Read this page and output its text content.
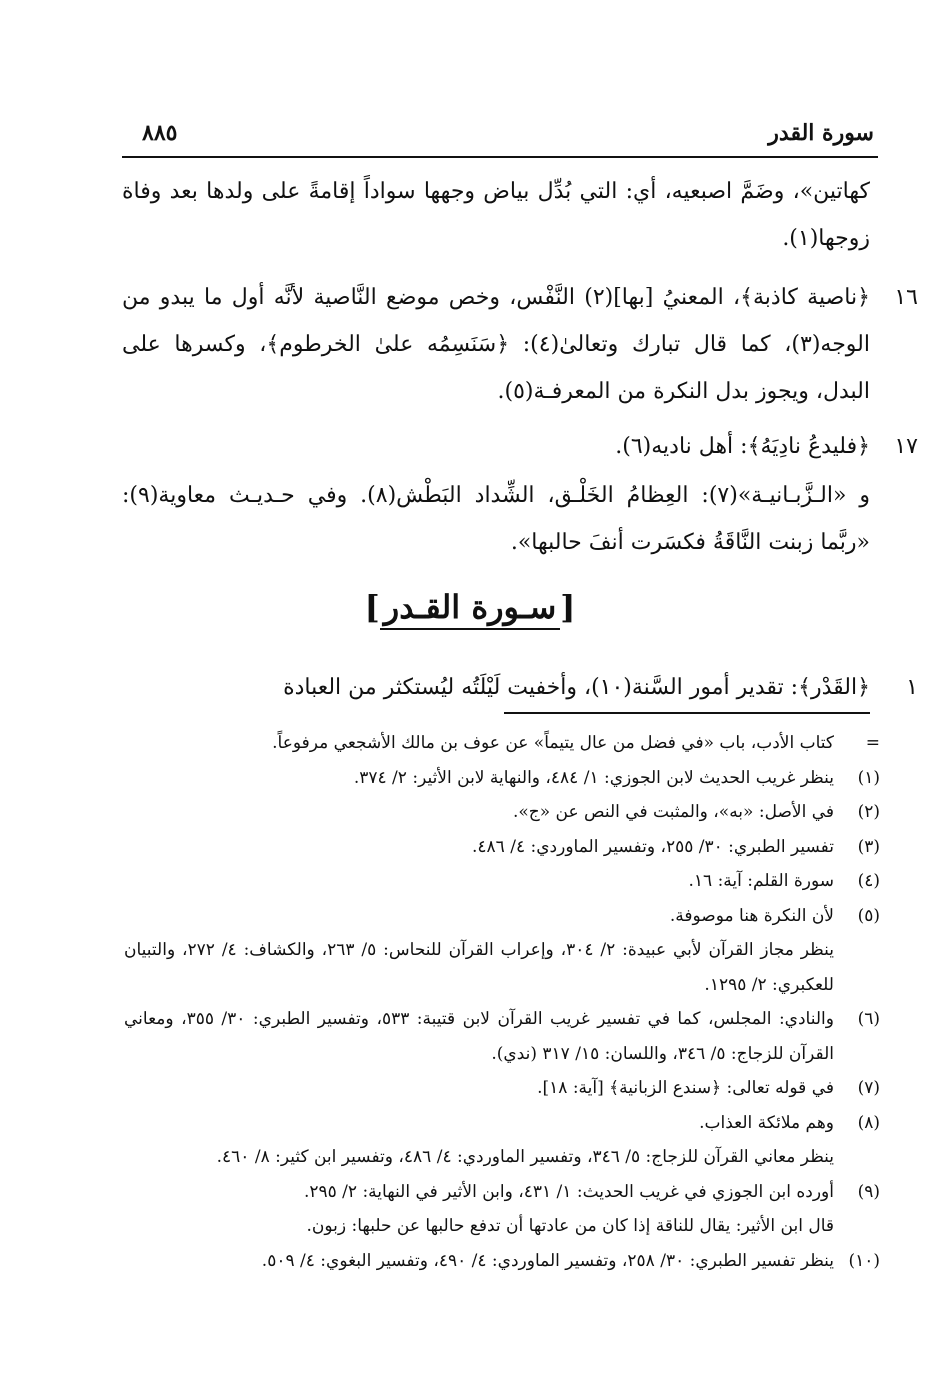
سورة القدر
٨٨٥
كهاتين»، وضَمَّ اصبعيه، أي: التي بُدِّل بياض وجهها سواداً إقامةً على ولدها بعد وفاة زوجها(١).
١٦
﴿ناصية كاذبة﴾، المعنيُ [بها](٢) النَّفْس، وخص موضع النَّاصية لأنَّه أول ما يبدو من الوجه(٣)، كما قال تبارك وتعالىٰ(٤): ﴿سَنَسِمُه علىٰ الخرطوم﴾، وكسرها على البدل، ويجوز بدل النكرة من المعرفـة(٥).
١٧
﴿فليدعُ نادِيَهُ﴾: أهل ناديه(٦).
و «الـزَّبـانيـة»(٧): العِظامُ الخَلْـق، الشِّداد البَطْش(٨). وفي حـديـث معاوية(٩): «ربَّما زبنت النَّاقَةُ فكسَرت أنفَ حالبها».
[سـورة القـدر]
١
﴿القَدْر﴾: تقدير أمور السَّنة(١٠)، وأخفيت لَيْلَتُه ليُستكثر من العبادة
=
كتاب الأدب، باب «في فضل من عال يتيماً» عن عوف بن مالك الأشجعي مرفوعاً.
(١)
ينظر غريب الحديث لابن الجوزي: ١/ ٤٨٤، والنهاية لابن الأثير: ٢/ ٣٧٤.
(٢)
في الأصل: «به»، والمثبت في النص عن «ج».
(٣)
تفسير الطبري: ٣٠/ ٢٥٥، وتفسير الماوردي: ٤/ ٤٨٦.
(٤)
سورة القلم: آية: ١٦.
(٥)
لأن النكرة هنا موصوفة.
ينظر مجاز القرآن لأبي عبيدة: ٢/ ٣٠٤، وإعراب القرآن للنحاس: ٥/ ٢٦٣، والكشاف: ٤/ ٢٧٢، والتبيان للعكبري: ٢/ ١٢٩٥.
(٦)
والنادي: المجلس، كما في تفسير غريب القرآن لابن قتيبة: ٥٣٣، وتفسير الطبري: ٣٠/ ٣٥٥، ومعاني القرآن للزجاج: ٥/ ٣٤٦، واللسان: ١٥/ ٣١٧ (ندي).
(٧)
في قوله تعالى: ﴿سندع الزبانية﴾ [آية: ١٨].
(٨)
وهم ملائكة العذاب.
ينظر معاني القرآن للزجاج: ٥/ ٣٤٦، وتفسير الماوردي: ٤/ ٤٨٦، وتفسير ابن كثير: ٨/ ٤٦٠.
(٩)
أورده ابن الجوزي في غريب الحديث: ١/ ٤٣١، وابن الأثير في النهاية: ٢/ ٢٩٥.
قال ابن الأثير: يقال للناقة إذا كان من عادتها أن تدفع حالبها عن حلبها: زبون.
(١٠)
ينظر تفسير الطبري: ٣٠/ ٢٥٨، وتفسير الماوردي: ٤/ ٤٩٠، وتفسير البغوي: ٤/ ٥٠٩.
